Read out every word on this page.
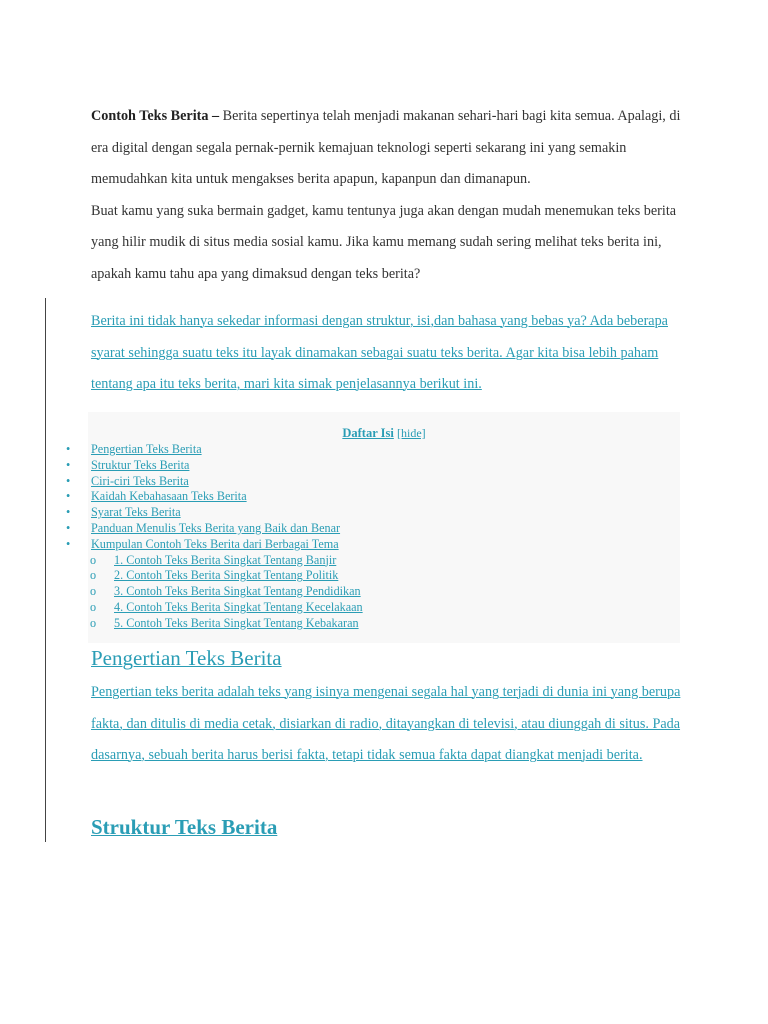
Contoh Teks Berita – Berita sepertinya telah menjadi makanan sehari-hari bagi kita semua. Apalagi, di era digital dengan segala pernak-pernik kemajuan teknologi seperti sekarang ini yang semakin memudahkan kita untuk mengakses berita apapun, kapanpun dan dimanapun.

Buat kamu yang suka bermain gadget, kamu tentunya juga akan dengan mudah menemukan teks berita yang hilir mudik di situs media sosial kamu. Jika kamu memang sudah sering melihat teks berita ini, apakah kamu tahu apa yang dimaksud dengan teks berita?

Berita ini tidak hanya sekedar informasi dengan struktur, isi,dan bahasa yang bebas ya? Ada beberapa syarat sehingga suatu teks itu layak dinamakan sebagai suatu teks berita. Agar kita bisa lebih paham tentang apa itu teks berita, mari kita simak penjelasannya berikut ini.

Daftar Isi [hide]
• Pengertian Teks Berita
• Struktur Teks Berita
• Ciri-ciri Teks Berita
• Kaidah Kebahasaan Teks Berita
• Syarat Teks Berita
• Panduan Menulis Teks Berita yang Baik dan Benar
• Kumpulan Contoh Teks Berita dari Berbagai Tema
o 1. Contoh Teks Berita Singkat Tentang Banjir
o 2. Contoh Teks Berita Singkat Tentang Politik
o 3. Contoh Teks Berita Singkat Tentang Pendidikan
o 4. Contoh Teks Berita Singkat Tentang Kecelakaan
o 5. Contoh Teks Berita Singkat Tentang Kebakaran
Pengertian Teks Berita

Pengertian teks berita adalah teks yang isinya mengenai segala hal yang terjadi di dunia ini yang berupa fakta, dan ditulis di media cetak, disiarkan di radio, ditayangkan di televisi, atau diunggah di situs. Pada dasarnya, sebuah berita harus berisi fakta, tetapi tidak semua fakta dapat diangkat menjadi berita.

Struktur Teks Berita
